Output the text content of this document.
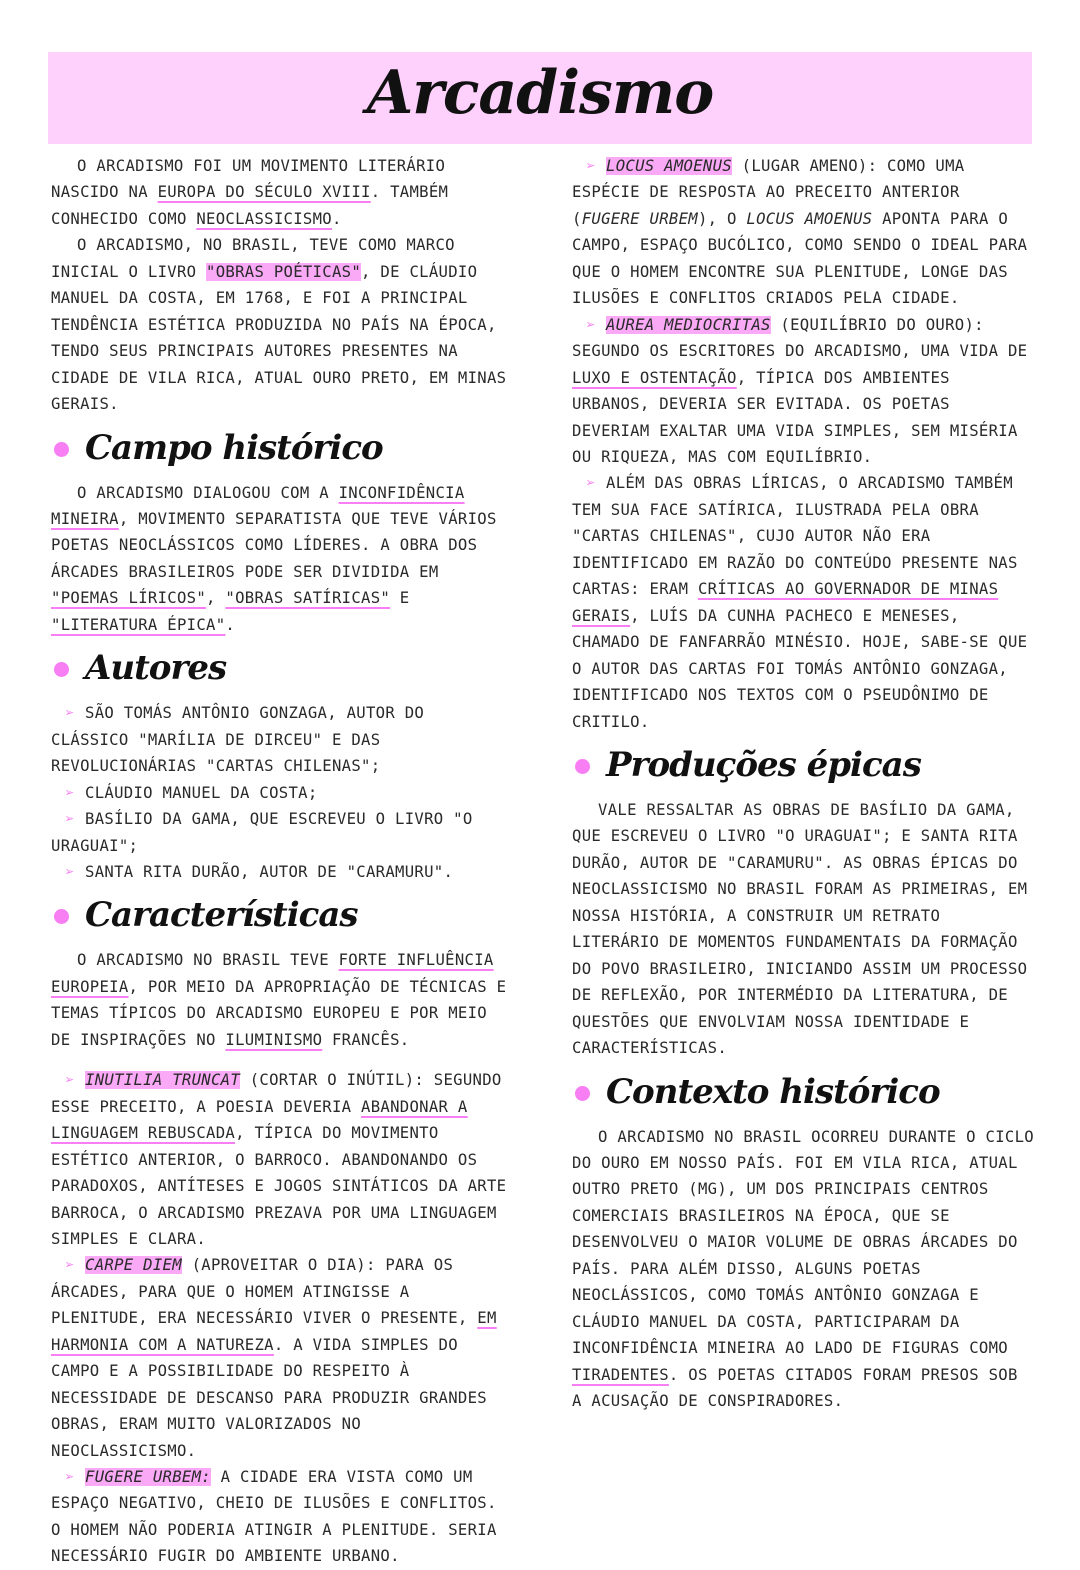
Arcadismo

O ARCADISMO FOI UM MOVIMENTO LITERÁRIO NASCIDO NA EUROPA DO SÉCULO XVIII. TAMBÉM CONHECIDO COMO NEOCLASSICISMO.

O ARCADISMO, NO BRASIL, TEVE COMO MARCO INICIAL O LIVRO "OBRAS POÉTICAS", DE CLÁUDIO MANUEL DA COSTA, EM 1768, E FOI A PRINCIPAL TENDÊNCIA ESTÉTICA PRODUZIDA NO PAÍS NA ÉPOCA, TENDO SEUS PRINCIPAIS AUTORES PRESENTES NA CIDADE DE VILA RICA, ATUAL OURO PRETO, EM MINAS GERAIS.

Campo histórico

O ARCADISMO DIALOGOU COM A INCONFIDÊNCIA MINEIRA, MOVIMENTO SEPARATISTA QUE TEVE VÁRIOS POETAS NEOCLÁSSICOS COMO LÍDERES. A OBRA DOS ÁRCADES BRASILEIROS PODE SER DIVIDIDA EM "POEMAS LÍRICOS", "OBRAS SATÍRICAS" E "LITERATURA ÉPICA".

Autores

➢ SÃO TOMÁS ANTÔNIO GONZAGA, AUTOR DO CLÁSSICO "MARÍLIA DE DIRCEU" E DAS REVOLUCIONÁRIAS "CARTAS CHILENAS";

➢ CLÁUDIO MANUEL DA COSTA;

➢ BASÍLIO DA GAMA, QUE ESCREVEU O LIVRO "O URAGUAI";

➢ SANTA RITA DURÃO, AUTOR DE "CARAMURU".

Características

O ARCADISMO NO BRASIL TEVE FORTE INFLUÊNCIA EUROPEIA, POR MEIO DA APROPRIAÇÃO DE TÉCNICAS E TEMAS TÍPICOS DO ARCADISMO EUROPEU E POR MEIO DE INSPIRAÇÕES NO ILUMINISMO FRANCÊS.

➢ INUTILIA TRUNCAT (CORTAR O INÚTIL): SEGUNDO ESSE PRECEITO, A POESIA DEVERIA ABANDONAR A LINGUAGEM REBUSCADA, TÍPICA DO MOVIMENTO ESTÉTICO ANTERIOR, O BARROCO. ABANDONANDO OS PARADOXOS, ANTÍTESES E JOGOS SINTÁTICOS DA ARTE BARROCA, O ARCADISMO PREZAVA POR UMA LINGUAGEM SIMPLES E CLARA.

➢ CARPE DIEM (APROVEITAR O DIA): PARA OS ÁRCADES, PARA QUE O HOMEM ATINGISSE A PLENITUDE, ERA NECESSÁRIO VIVER O PRESENTE, EM HARMONIA COM A NATUREZA. A VIDA SIMPLES DO CAMPO E A POSSIBILIDADE DO RESPEITO À NECESSIDADE DE DESCANSO PARA PRODUZIR GRANDES OBRAS, ERAM MUITO VALORIZADOS NO NEOCLASSICISMO.

➢ FUGERE URBEM: A CIDADE ERA VISTA COMO UM ESPAÇO NEGATIVO, CHEIO DE ILUSÕES E CONFLITOS. O HOMEM NÃO PODERIA ATINGIR A PLENITUDE. SERIA NECESSÁRIO FUGIR DO AMBIENTE URBANO.

➢ LOCUS AMOENUS (LUGAR AMENO): COMO UMA ESPÉCIE DE RESPOSTA AO PRECEITO ANTERIOR (FUGERE URBEM), O LOCUS AMOENUS APONTA PARA O CAMPO, ESPAÇO BUCÓLICO, COMO SENDO O IDEAL PARA QUE O HOMEM ENCONTRE SUA PLENITUDE, LONGE DAS ILUSÕES E CONFLITOS CRIADOS PELA CIDADE.

➢ AUREA MEDIOCRITAS (EQUILÍBRIO DO OURO): SEGUNDO OS ESCRITORES DO ARCADISMO, UMA VIDA DE LUXO E OSTENTAÇÃO, TÍPICA DOS AMBIENTES URBANOS, DEVERIA SER EVITADA. OS POETAS DEVERIAM EXALTAR UMA VIDA SIMPLES, SEM MISÉRIA OU RIQUEZA, MAS COM EQUILÍBRIO.

➢ ALÉM DAS OBRAS LÍRICAS, O ARCADISMO TAMBÉM TEM SUA FACE SATÍRICA, ILUSTRADA PELA OBRA "CARTAS CHILENAS", CUJO AUTOR NÃO ERA IDENTIFICADO EM RAZÃO DO CONTEÚDO PRESENTE NAS CARTAS: ERAM CRÍTICAS AO GOVERNADOR DE MINAS GERAIS, LUÍS DA CUNHA PACHECO E MENESES, CHAMADO DE FANFARRÃO MINÉSIO. HOJE, SABE-SE QUE O AUTOR DAS CARTAS FOI TOMÁS ANTÔNIO GONZAGA, IDENTIFICADO NOS TEXTOS COM O PSEUDÔNIMO DE CRITILO.

Produções épicas

VALE RESSALTAR AS OBRAS DE BASÍLIO DA GAMA, QUE ESCREVEU O LIVRO "O URAGUAI"; E SANTA RITA DURÃO, AUTOR DE "CARAMURU". AS OBRAS ÉPICAS DO NEOCLASSICISMO NO BRASIL FORAM AS PRIMEIRAS, EM NOSSA HISTÓRIA, A CONSTRUIR UM RETRATO LITERÁRIO DE MOMENTOS FUNDAMENTAIS DA FORMAÇÃO DO POVO BRASILEIRO, INICIANDO ASSIM UM PROCESSO DE REFLEXÃO, POR INTERMÉDIO DA LITERATURA, DE QUESTÕES QUE ENVOLVIAM NOSSA IDENTIDADE E CARACTERÍSTICAS.

Contexto histórico

O ARCADISMO NO BRASIL OCORREU DURANTE O CICLO DO OURO EM NOSSO PAÍS. FOI EM VILA RICA, ATUAL OUTRO PRETO (MG), UM DOS PRINCIPAIS CENTROS COMERCIAIS BRASILEIROS NA ÉPOCA, QUE SE DESENVOLVEU O MAIOR VOLUME DE OBRAS ÁRCADES DO PAÍS. PARA ALÉM DISSO, ALGUNS POETAS NEOCLÁSSICOS, COMO TOMÁS ANTÔNIO GONZAGA E CLÁUDIO MANUEL DA COSTA, PARTICIPARAM DA INCONFIDÊNCIA MINEIRA AO LADO DE FIGURAS COMO TIRADENTES. OS POETAS CITADOS FORAM PRESOS SOB A ACUSAÇÃO DE CONSPIRADORES.
